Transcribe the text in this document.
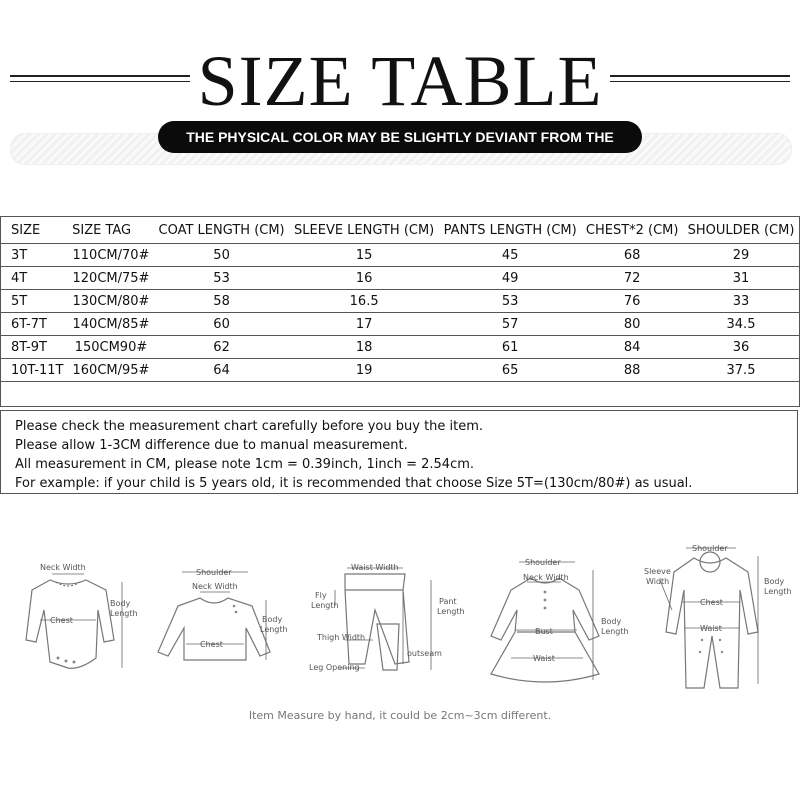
SIZE TABLE
THE PHYSICAL COLOR MAY BE SLIGHTLY DEVIANT FROM THE PICTURE
SIZE	SIZE TAG	COAT LENGTH (CM)	SLEEVE LENGTH (CM)	PANTS LENGTH (CM)	CHEST*2 (CM)	SHOULDER (CM)
3T	110CM/70#	50	15	45	68	29
4T	120CM/75#	53	16	49	72	31
5T	130CM/80#	58	16.5	53	76	33
6T-7T	140CM/85#	60	17	57	80	34.5
8T-9T	150CM90#	62	18	61	84	36
10T-11T	160CM/95#	64	19	65	88	37.5

Please check the measurement chart carefully before you buy the item.
Please allow 1-3CM difference due to manual measurement.
All measurement in CM, please note 1cm = 0.39inch, 1inch = 2.54cm.
For example: if your child is 5 years old, it is recommended that choose Size 5T=(130cm/80#) as usual.
Neck Width
Chest
Body
Length
Shoulder
Neck Width
Chest
Body
Length
Waist Width
Fly
Length
Thigh Width
Pant
Length
outseam
Leg Opening
Shoulder
Neck Width
Bust
Waist
Body
Length
Shoulder
Sleeve
Width
Chest
Waist
Body
Length
Item Measure by hand, it could be 2cm~3cm different.
